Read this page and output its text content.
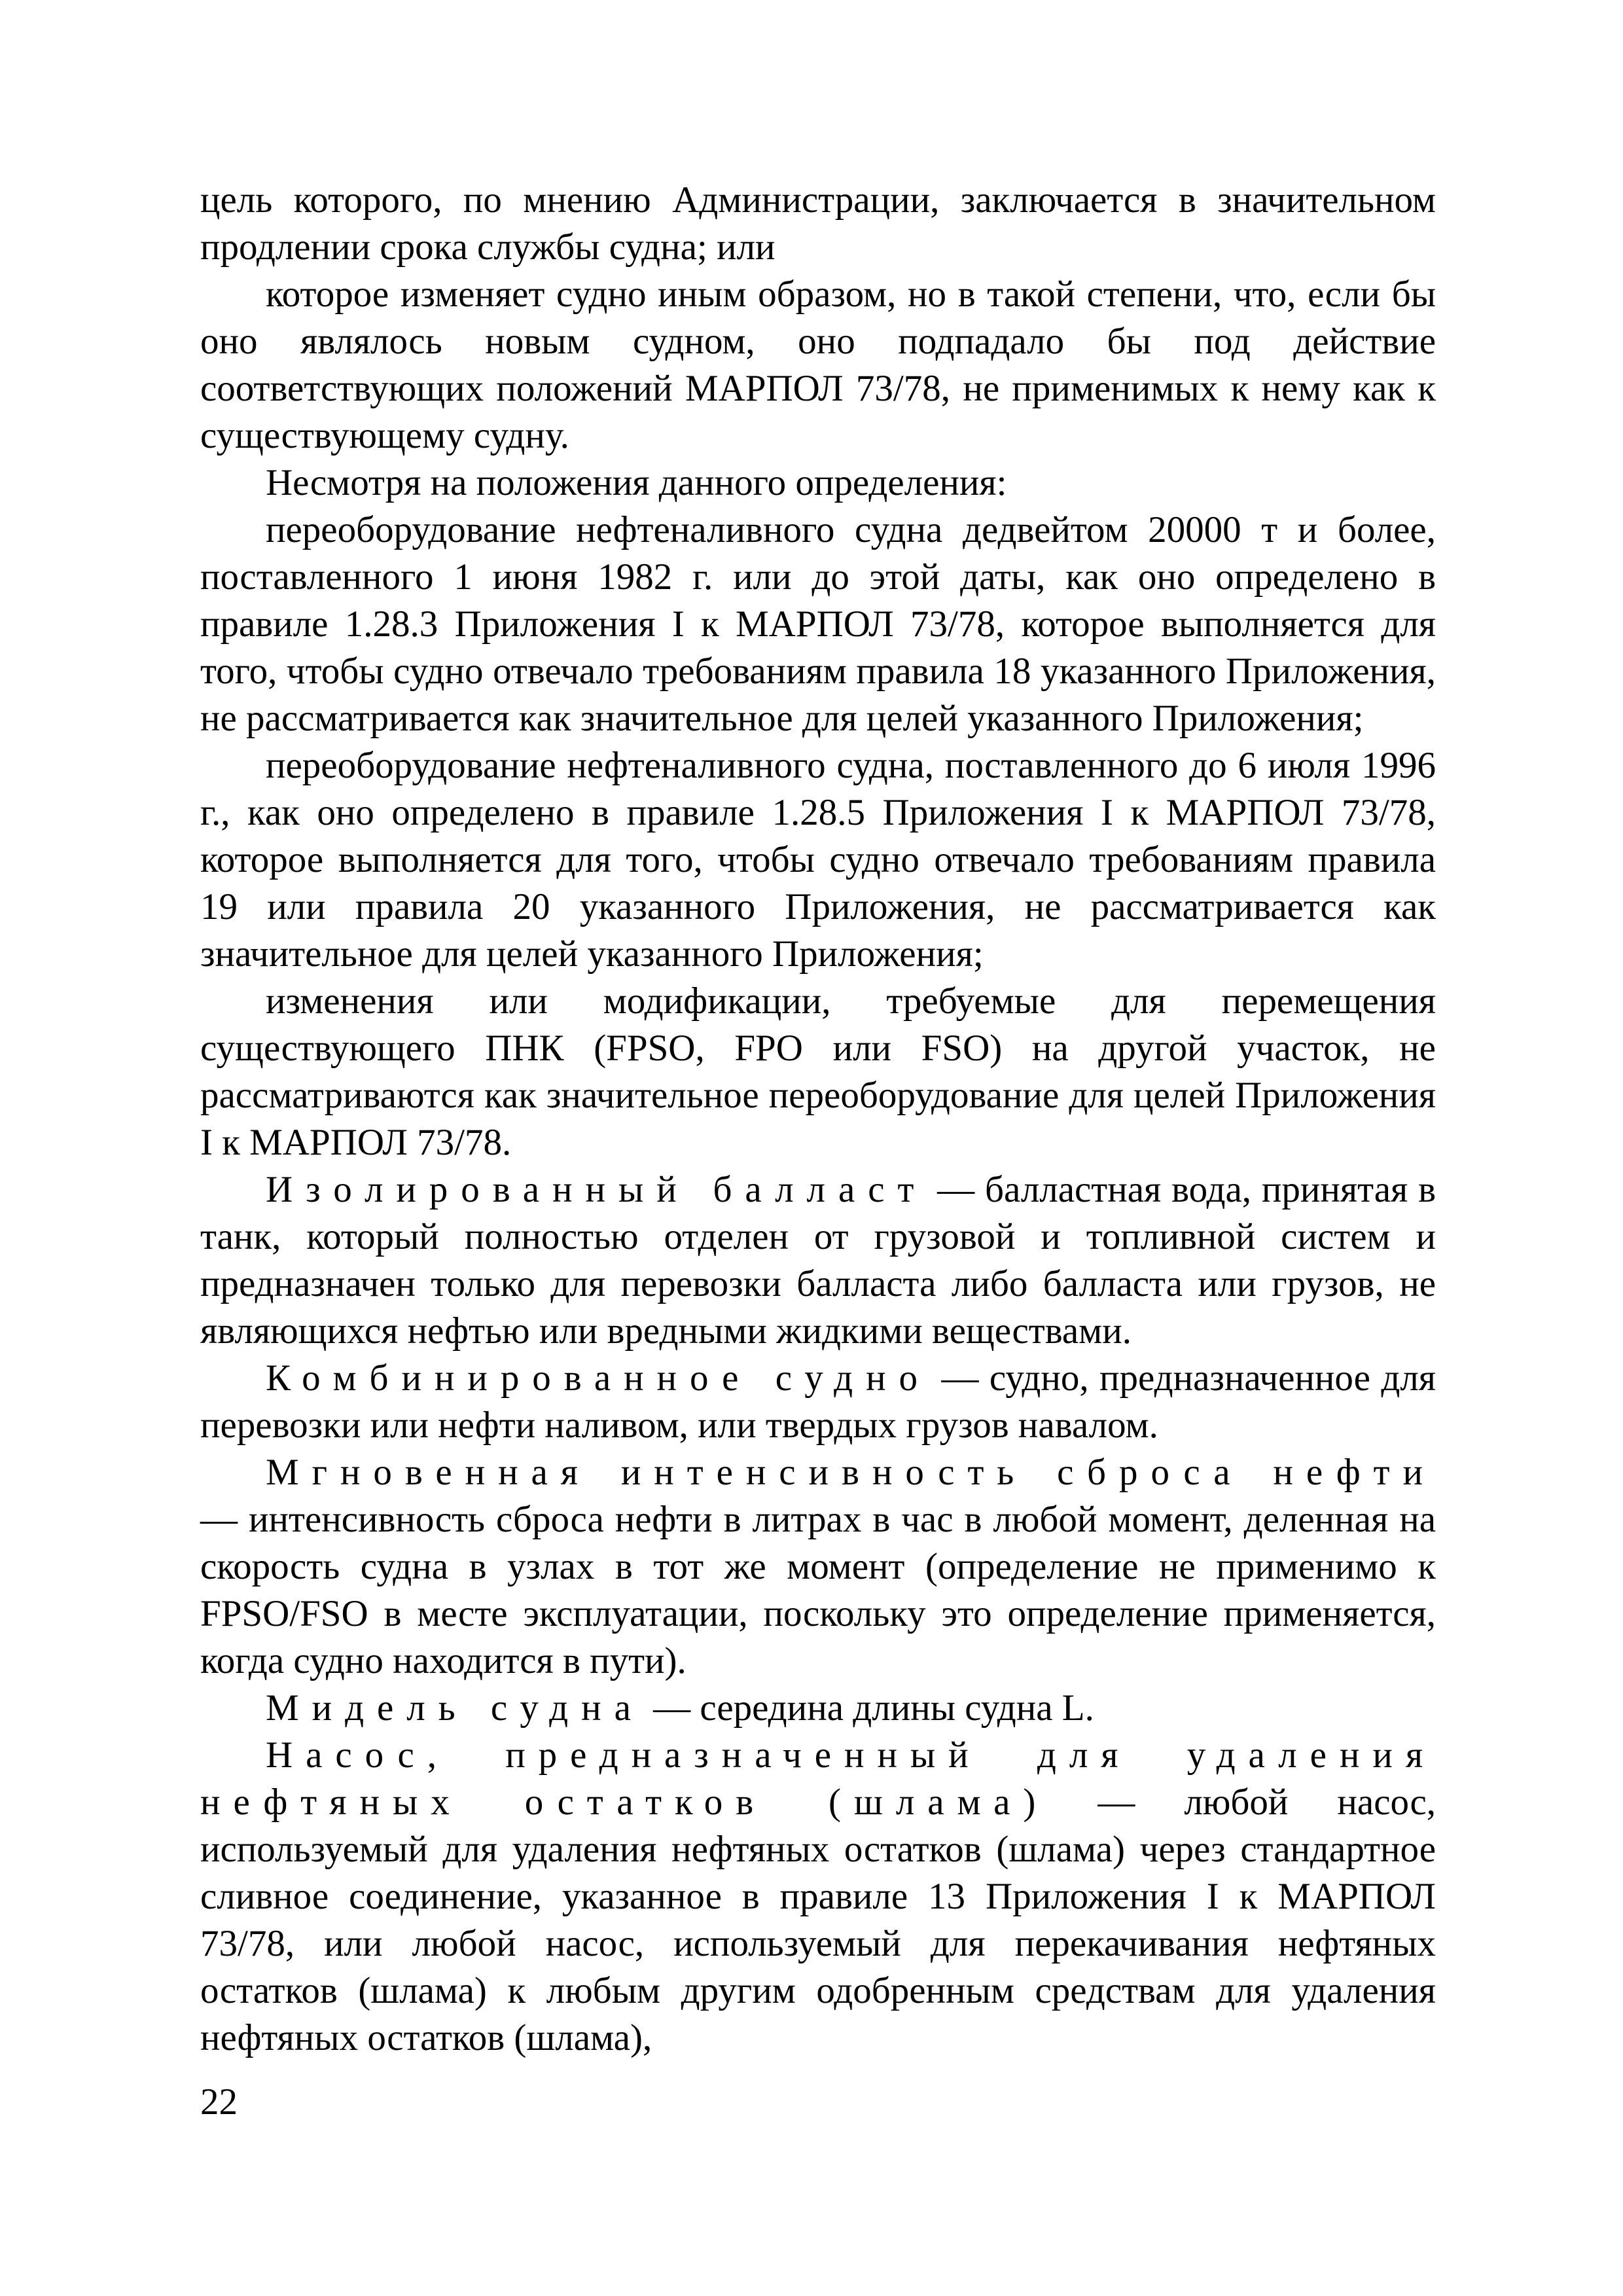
цель которого, по мнению Администрации, заключается в значительном продлении срока службы судна; или

которое изменяет судно иным образом, но в такой степени, что, если бы оно являлось новым судном, оно подпадало бы под действие соответствующих положений МАРПОЛ 73/78, не применимых к нему как к существующему судну.

Несмотря на положения данного определения:

переоборудование нефтеналивного судна дедвейтом 20000 т и более, поставленного 1 июня 1982 г. или до этой даты, как оно определено в правиле 1.28.3 Приложения I к МАРПОЛ 73/78, которое выполняется для того, чтобы судно отвечало требованиям правила 18 указанного Приложения, не рассматривается как значительное для целей указанного Приложения;

переоборудование нефтеналивного судна, поставленного до 6 июля 1996 г., как оно определено в правиле 1.28.5 Приложения I к МАРПОЛ 73/78, которое выполняется для того, чтобы судно отвечало требованиям правила 19 или правила 20 указанного Приложения, не рассматривается как значительное для целей указанного Приложения;

изменения или модификации, требуемые для перемещения существующего ПНК (FPSO, FPO или FSO) на другой участок, не рассматриваются как значительное переоборудование для целей Приложения I к МАРПОЛ 73/78.

Изолированный балласт — балластная вода, принятая в танк, который полностью отделен от грузовой и топливной систем и предназначен только для перевозки балласта либо балласта или грузов, не являющихся нефтью или вредными жидкими веществами.

Комбинированное судно — судно, предназначенное для перевозки или нефти наливом, или твердых грузов навалом.

Мгновенная интенсивность сброса нефти — интенсивность сброса нефти в литрах в час в любой момент, деленная на скорость судна в узлах в тот же момент (определение не применимо к FPSO/FSO в месте эксплуатации, поскольку это определение применяется, когда судно находится в пути).

Мидель судна — середина длины судна L.

Насос, предназначенный для удаления нефтяных остатков (шлама) — любой насос, используемый для удаления нефтяных остатков (шлама) через стандартное сливное соединение, указанное в правиле 13 Приложения I к МАРПОЛ 73/78, или любой насос, используемый для перекачивания нефтяных остатков (шлама) к любым другим одобренным средствам для удаления нефтяных остатков (шлама),

22
